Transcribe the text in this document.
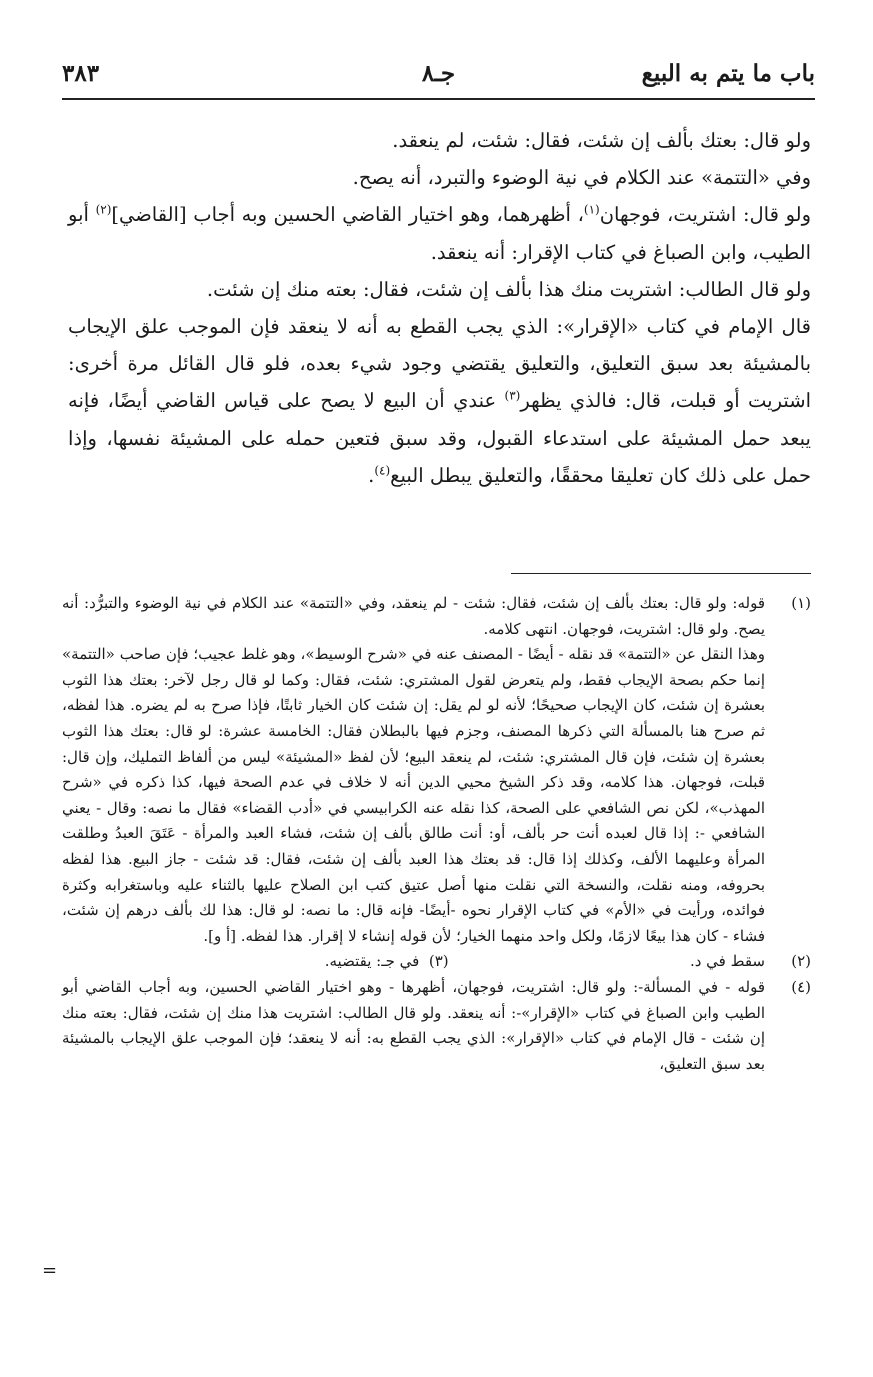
باب ما يتم به البيع
جـ٨
٣٨٣

ولو قال: بعتك بألف إن شئت، فقال: شئت، لم ينعقد.

وفي «التتمة» عند الكلام في نية الوضوء والتبرد، أنه يصح.

ولو قال: اشتريت، فوجهان$^{(١)}$، أظهرهما، وهو اختيار القاضي الحسين وبه أجاب [القاضي]$^{(٢)}$ أبو الطيب، وابن الصباغ في كتاب الإقرار: أنه ينعقد.

ولو قال الطالب: اشتريت منك هذا بألف إن شئت، فقال: بعته منك إن شئت.

قال الإمام في كتاب «الإقرار»: الذي يجب القطع به أنه لا ينعقد فإن الموجب علق الإيجاب بالمشيئة بعد سبق التعليق، والتعليق يقتضي وجود شيء بعده، فلو قال القائل مرة أخرى: اشتريت أو قبلت، قال: فالذي يظهر$^{(٣)}$ عندي أن البيع لا يصح على قياس القاضي أيضًا، فإنه يبعد حمل المشيئة على استدعاء القبول، وقد سبق فتعين حمله على المشيئة نفسها، وإذا حمل على ذلك كان تعليقا محققًا، والتعليق يبطل البيع$^{(٤)}$.

(١)

قوله: ولو قال: بعتك بألف إن شئت، فقال: شئت - لم ينعقد، وفي «التتمة» عند الكلام في نية الوضوء والتبرُّد: أنه يصح. ولو قال: اشتريت، فوجهان. انتهى كلامه.

وهذا النقل عن «التتمة» قد نقله - أيضًا - المصنف عنه في «شرح الوسيط»، وهو غلط عجيب؛ فإن صاحب «التتمة» إنما حكم بصحة الإيجاب فقط، ولم يتعرض لقول المشتري: شئت، فقال: وكما لو قال رجل لآخر: بعتك هذا الثوب بعشرة إن شئت، كان الإيجاب صحيحًا؛ لأنه لو لم يقل: إن شئت كان الخيار ثابتًا، فإذا صرح به لم يضره. هذا لفظه، ثم صرح هنا بالمسألة التي ذكرها المصنف، وجزم فيها بالبطلان فقال: الخامسة عشرة: لو قال: بعتك هذا الثوب بعشرة إن شئت، فإن قال المشتري: شئت، لم ينعقد البيع؛ لأن لفظ «المشيئة» ليس من ألفاظ التمليك، وإن قال: قبلت، فوجهان. هذا كلامه، وقد ذكر الشيخ محيي الدين أنه لا خلاف في عدم الصحة فيها، كذا ذكره في «شرح المهذب»، لكن نص الشافعي على الصحة، كذا نقله عنه الكرابيسي في «أدب القضاء» فقال ما نصه: وقال - يعني الشافعي -: إذا قال لعبده أنت حر بألف، أو: أنت طالق بألف إن شئت، فشاء العبد والمرأة - عَتَقَ العبدُ وطلقت المرأة وعليهما الألف، وكذلك إذا قال: قد بعتك هذا العبد بألف إن شئت، فقال: قد شئت - جاز البيع. هذا لفظه بحروفه، ومنه نقلت، والنسخة التي نقلت منها أصل عتيق كتب ابن الصلاح عليها بالثناء عليه وباستغرابه وكثرة فوائده، ورأيت في «الأم» في كتاب الإقرار نحوه -أيضًا- فإنه قال: ما نصه: لو قال: هذا لك بألف درهم إن شئت، فشاء - كان هذا بيعًا لازمًا، ولكل واحد منهما الخيار؛ لأن قوله إنشاء لا إقرار. هذا لفظه. [أ و].

(٢)
سقط في د.
(٣)  في جـ: يقتضيه.
(٤)

قوله - في المسألة-: ولو قال: اشتريت، فوجهان، أظهرها - وهو اختيار القاضي الحسين، وبه أجاب القاضي أبو الطيب وابن الصباغ في كتاب «الإقرار»-: أنه ينعقد. ولو قال الطالب: اشتريت هذا منك إن شئت، فقال: بعته منك إن شئت - قال الإمام في كتاب «الإقرار»: الذي يجب القطع به: أنه لا ينعقد؛ فإن الموجب علق الإيجاب بالمشيئة بعد سبق التعليق،

=
